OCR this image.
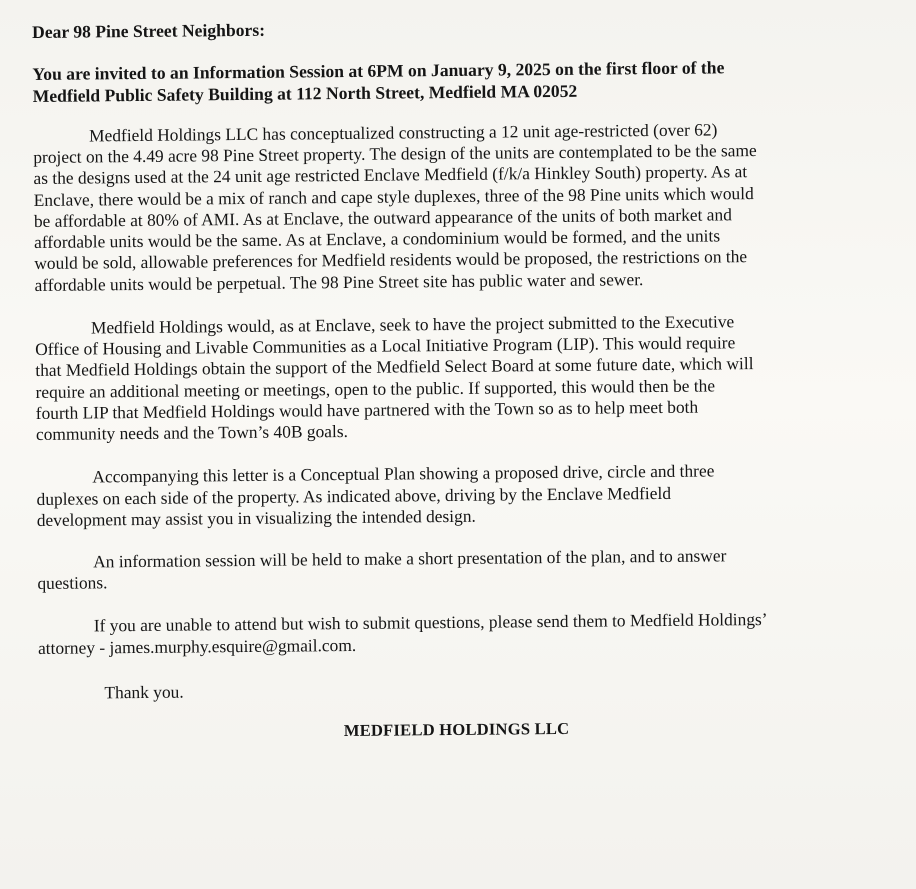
Dear 98 Pine Street Neighbors:
You are invited to an Information Session at 6PM on January 9, 2025 on the first floor of the
Medfield Public Safety Building at 112 North Street, Medfield MA 02052
Medfield Holdings LLC has conceptualized constructing a 12 unit age-restricted (over 62)
project on the 4.49 acre 98 Pine Street property. The design of the units are contemplated to be the same
as the designs used at the 24 unit age restricted Enclave Medfield (f/k/a Hinkley South) property. As at
Enclave, there would be a mix of ranch and cape style duplexes, three of the 98 Pine units which would
be affordable at 80% of AMI. As at Enclave, the outward appearance of the units of both market and
affordable units would be the same. As at Enclave, a condominium would be formed, and the units
would be sold, allowable preferences for Medfield residents would be proposed, the restrictions on the
affordable units would be perpetual. The 98 Pine Street site has public water and sewer.
Medfield Holdings would, as at Enclave, seek to have the project submitted to the Executive
Office of Housing and Livable Communities as a Local Initiative Program (LIP). This would require
that Medfield Holdings obtain the support of the Medfield Select Board at some future date, which will
require an additional meeting or meetings, open to the public. If supported, this would then be the
fourth LIP that Medfield Holdings would have partnered with the Town so as to help meet both
community needs and the Town’s 40B goals.
Accompanying this letter is a Conceptual Plan showing a proposed drive, circle and three
duplexes on each side of the property. As indicated above, driving by the Enclave Medfield
development may assist you in visualizing the intended design.
An information session will be held to make a short presentation of the plan, and to answer
questions.
If you are unable to attend but wish to submit questions, please send them to Medfield Holdings’
attorney - james.murphy.esquire@gmail.com.
Thank you.
MEDFIELD HOLDINGS LLC
